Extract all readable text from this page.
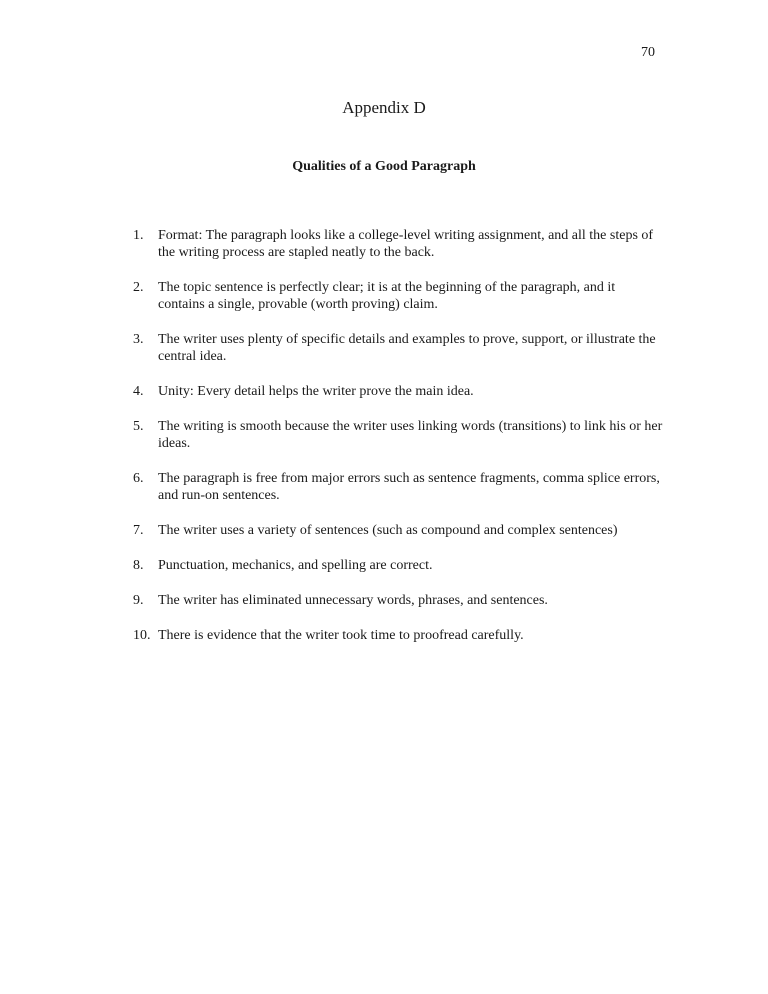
70
Appendix D
Qualities of a Good Paragraph
1.	Format: The paragraph looks like a college-level writing assignment, and all the steps of the writing process are stapled neatly to the back.
2.	The topic sentence is perfectly clear; it is at the beginning of the paragraph, and it contains a single, provable (worth proving) claim.
3.	The writer uses plenty of specific details and examples to prove, support, or illustrate the central idea.
4.	Unity: Every detail helps the writer prove the main idea.
5.	The writing is smooth because the writer uses linking words (transitions) to link his or her ideas.
6.	The paragraph is free from major errors such as sentence fragments, comma splice errors, and run-on sentences.
7.	The writer uses a variety of sentences (such as compound and complex sentences)
8.	Punctuation, mechanics, and spelling are correct.
9.	The writer has eliminated unnecessary words, phrases, and sentences.
10. There is evidence that the writer took time to proofread carefully.
